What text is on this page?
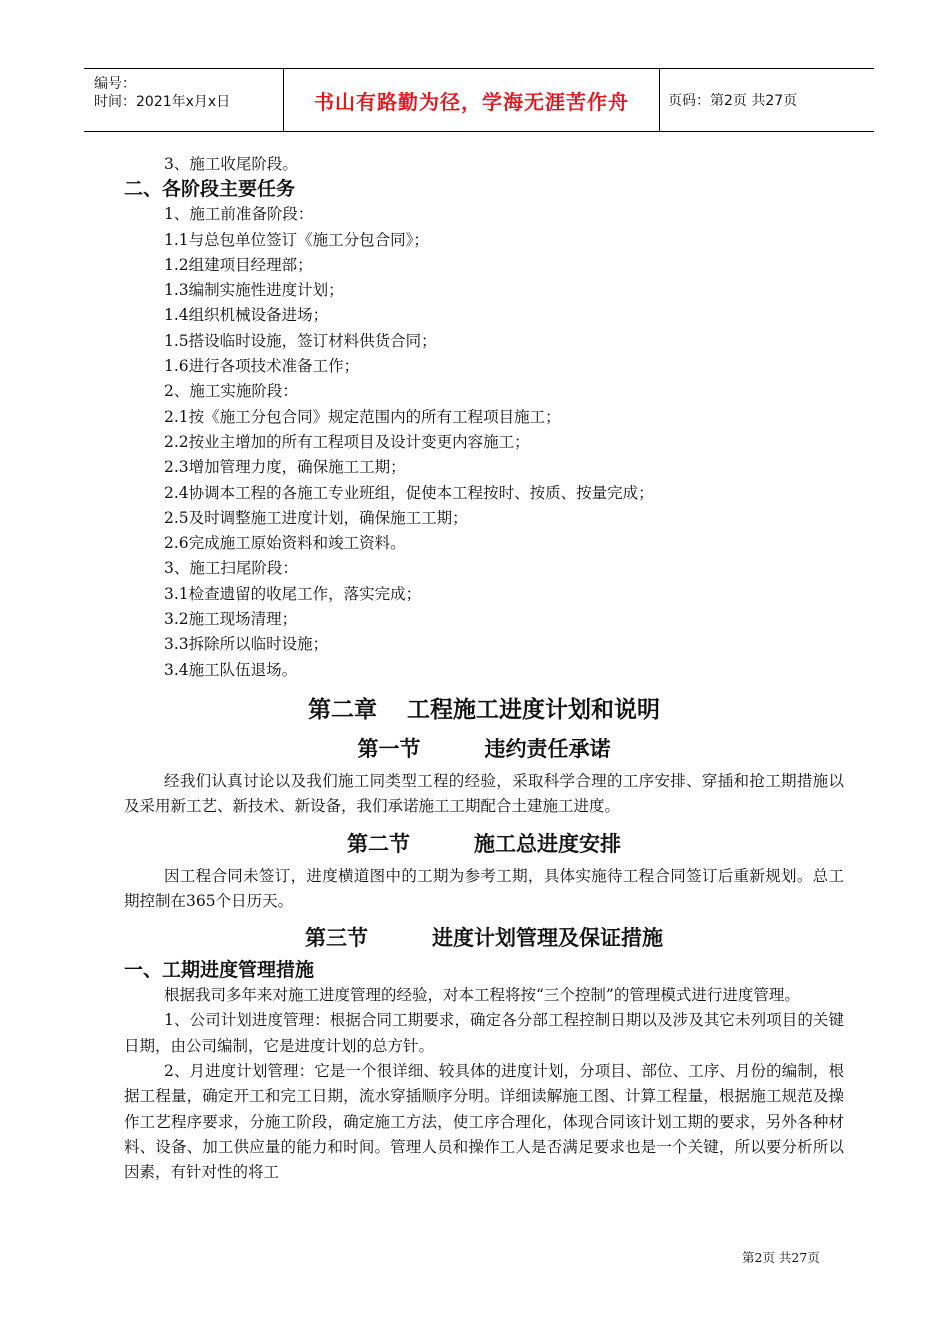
编号：
时间：2021年x月x日	书山有路勤为径，学海无涯苦作舟	页码：第2页 共27页
3、施工收尾阶段。
二、各阶段主要任务
1、施工前准备阶段：
1.1与总包单位签订《施工分包合同》；
1.2组建项目经理部；
1.3编制实施性进度计划；
1.4组织机械设备进场；
1.5搭设临时设施，签订材料供货合同；
1.6进行各项技术准备工作；
2、施工实施阶段：
2.1按《施工分包合同》规定范围内的所有工程项目施工；
2.2按业主增加的所有工程项目及设计变更内容施工；
2.3增加管理力度，确保施工工期；
2.4协调本工程的各施工专业班组，促使本工程按时、按质、按量完成；
2.5及时调整施工进度计划，确保施工工期；
2.6完成施工原始资料和竣工资料。
3、施工扫尾阶段：
3.1检查遗留的收尾工作，落实完成；
3.2施工现场清理；
3.3拆除所以临时设施；
3.4施工队伍退场。
第二章 工程施工进度计划和说明
第一节	违约责任承诺
经我们认真讨论以及我们施工同类型工程的经验，采取科学合理的工序安排、穿插和抢工期措施以及采用新工艺、新技术、新设备，我们承诺施工工期配合土建施工进度。
第二节	施工总进度安排
因工程合同未签订，进度横道图中的工期为参考工期，具体实施待工程合同签订后重新规划。总工期控制在365个日历天。
第三节	进度计划管理及保证措施
一、工期进度管理措施
根据我司多年来对施工进度管理的经验，对本工程将按“三个控制”的管理模式进行进度管理。
1、公司计划进度管理：根据合同工期要求，确定各分部工程控制日期以及涉及其它未列项目的关键日期，由公司编制，它是进度计划的总方针。
2、月进度计划管理：它是一个很详细、较具体的进度计划，分项目、部位、工序、月份的编制，根据工程量，确定开工和完工日期，流水穿插顺序分明。详细读解施工图、计算工程量，根据施工规范及操作工艺程序要求，分施工阶段，确定施工方法，使工序合理化，体现合同该计划工期的要求，另外各种材料、设备、加工供应量的能力和时间。管理人员和操作工人是否满足要求也是一个关键，所以要分析所以因素，有针对性的将工
第2页 共27页
